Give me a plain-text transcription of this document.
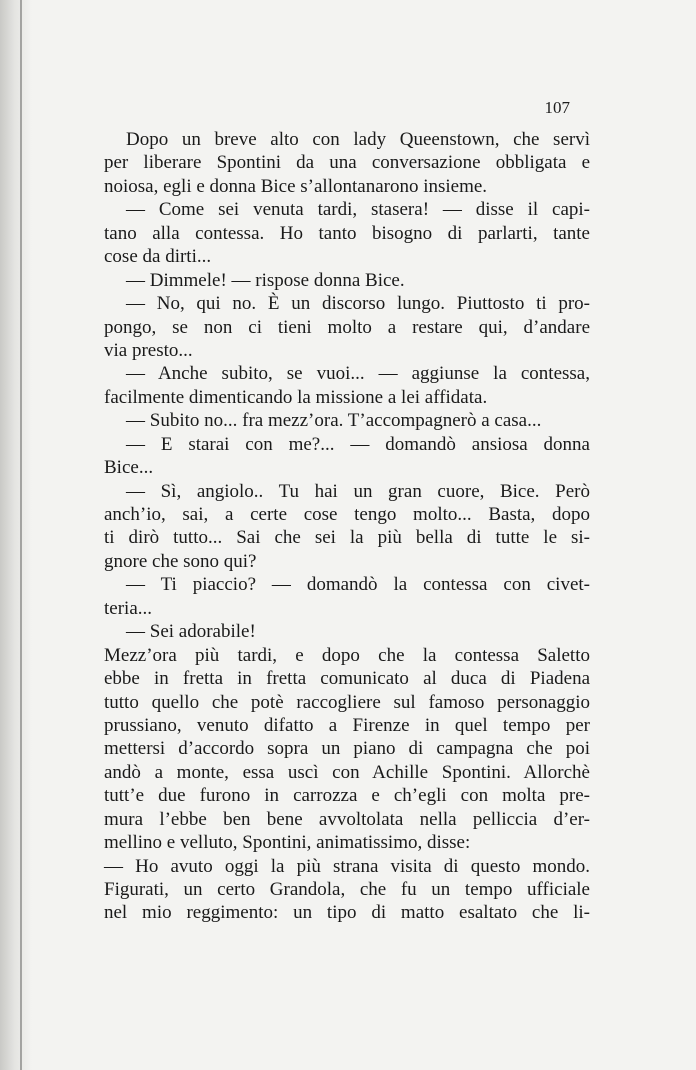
107

Dopo un breve alto con lady Queenstown, che servì
per liberare Spontini da una conversazione obbligata e
noiosa, egli e donna Bice s’allontanarono insieme.
— Come sei venuta tardi, stasera! — disse il capi-
tano alla contessa. Ho tanto bisogno di parlarti, tante
cose da dirti...
— Dimmele! — rispose donna Bice.
— No, qui no. È un discorso lungo. Piuttosto ti pro-
pongo, se non ci tieni molto a restare qui, d’andare
via presto...
— Anche subito, se vuoi... — aggiunse la contessa,
facilmente dimenticando la missione a lei affidata.
— Subito no... fra mezz’ora. T’accompagnerò a casa...
— E starai con me?... — domandò ansiosa donna
Bice...
— Sì, angiolo.. Tu hai un gran cuore, Bice. Però
anch’io, sai, a certe cose tengo molto... Basta, dopo
ti dirò tutto... Sai che sei la più bella di tutte le si-
gnore che sono qui?
— Ti piaccio? — domandò la contessa con civet-
teria...
— Sei adorabile!
Mezz’ora più tardi, e dopo che la contessa Saletto
ebbe in fretta in fretta comunicato al duca di Piadena
tutto quello che potè raccogliere sul famoso personaggio
prussiano, venuto difatto a Firenze in quel tempo per
mettersi d’accordo sopra un piano di campagna che poi
andò a monte, essa uscì con Achille Spontini. Allorchè
tutt’e due furono in carrozza e ch’egli con molta pre-
mura l’ebbe ben bene avvoltolata nella pelliccia d’er-
mellino e velluto, Spontini, animatissimo, disse:
— Ho avuto oggi la più strana visita di questo mondo.
Figurati, un certo Grandola, che fu un tempo ufficiale
nel mio reggimento: un tipo di matto esaltato che li-
